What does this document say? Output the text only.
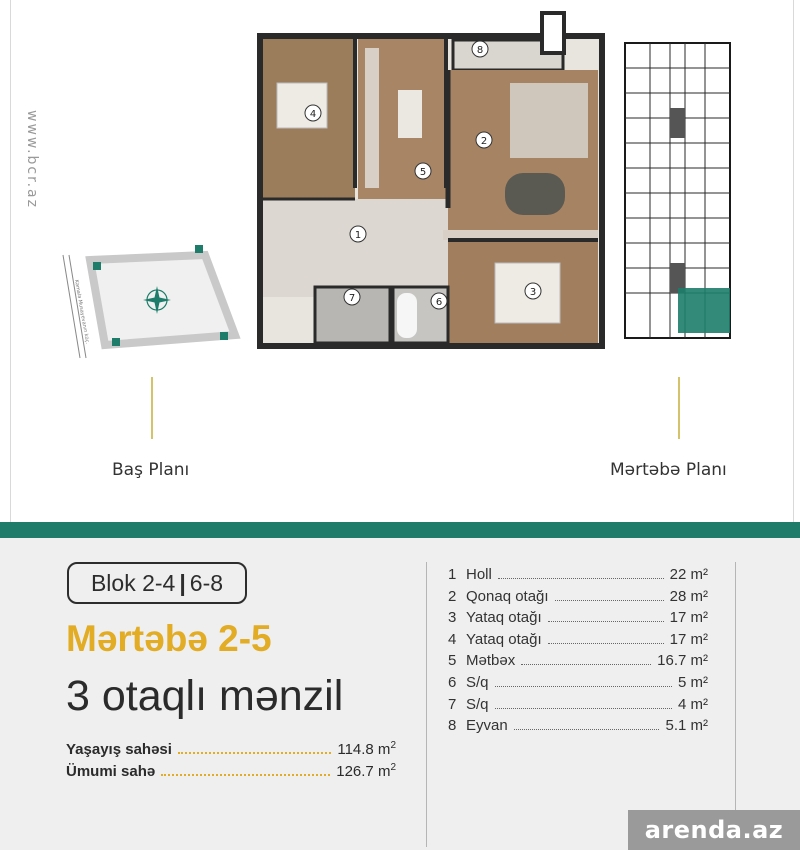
www.bcr.az	4
5
2
8
1
3
7	6
Kəmalə Musayevanın küç.
Baş Planı	Mərtəbə Planı
Blok 2-4 | 6-8
Mərtəbə 2-5
3 otaqlı mənzil
Yaşayış sahəsi	114.8 $m^2$
Ümumi sahə	126.7 $m^2$
1 Holl	22 m²
2 Qonaq otağı	28 m²
3 Yataq otağı	17 m²
4 Yataq otağı	17 m²
5 Mətbəx	16.7 m²
6 S/q	5 m²
7 S/q	4 m²
8 Eyvan	5.1 m²
arenda.az
